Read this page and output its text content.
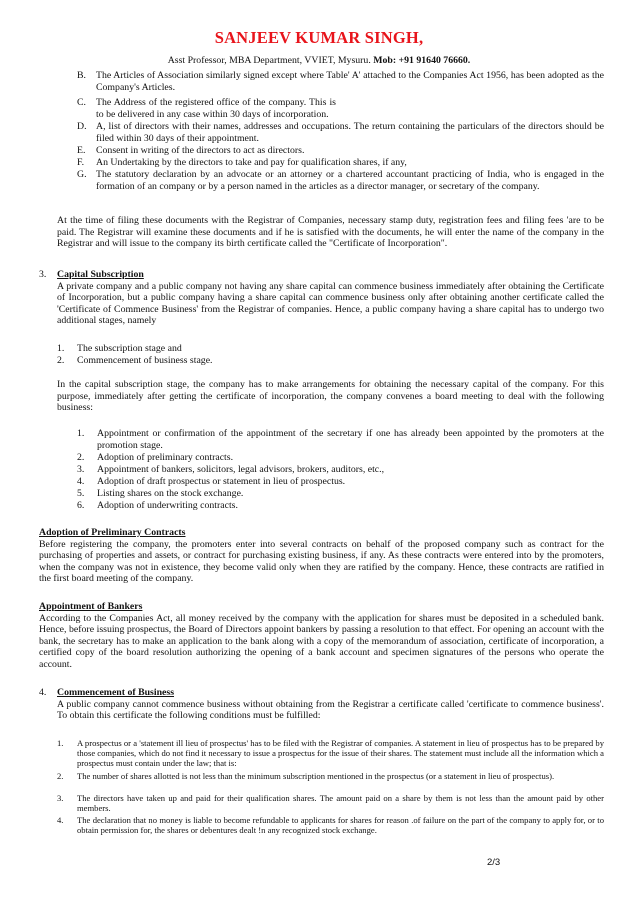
SANJEEV KUMAR SINGH,
Asst Professor, MBA Department, VVIET, Mysuru. Mob: +91 91640 76660.
B. The Articles of Association similarly signed except where Table' A' attached to the Companies Act 1956, has been adopted as the Company's Articles.

C. The Address of the registered office of the company. This is to be delivered in any case within 30 days of incorporation.

D. A, list of directors with their names, addresses and occupations. The return containing the particulars of the directors should be filed within 30 days of their appointment.

E. Consent in writing of the directors to act as directors.

F. An Undertaking by the directors to take and pay for qualification shares, if any,

G. The statutory declaration by an advocate or an attorney or a chartered accountant practicing of India, who is engaged in the formation of an company or by a person named in the articles as a director manager, or secretary of the company.

At the time of filing these documents with the Registrar of Companies, necessary stamp duty, registration fees and filing fees 'are to be paid. The Registrar will examine these documents and if he is satisfied with the documents, he will enter the name of the company in the Registrar and will issue to the company its birth certificate called the "Certificate of Incorporation".

3. Capital Subscription

A private company and a public company not having any share capital can commence business immediately after obtaining the Certificate of Incorporation, but a public company having a share capital can commence business only after obtaining another certificate called the 'Certificate of Commence Business' from the Registrar of companies. Hence, a public company having a share capital has to undergo two additional stages, namely

1. The subscription stage and

2. Commencement of business stage.

In the capital subscription stage, the company has to make arrangements for obtaining the necessary capital of the company. For this purpose, immediately after getting the certificate of incorporation, the company convenes a board meeting to deal with the following business:

1. Appointment or confirmation of the appointment of the secretary if one has already been appointed by the promoters at the promotion stage.

2. Adoption of preliminary contracts.

3. Appointment of bankers, solicitors, legal advisors, brokers, auditors, etc.,

4. Adoption of draft prospectus or statement in lieu of prospectus.

5. Listing shares on the stock exchange.

6. Adoption of underwriting contracts.

Adoption of Preliminary Contracts

Before registering the company, the promoters enter into several contracts on behalf of the proposed company such as contract for the purchasing of properties and assets, or contract for purchasing existing business, if any. As these contracts were entered into by the promoters, when the company was not in existence, they become valid only when they are ratified by the company. Hence, these contracts are ratified in the first board meeting of the company.

Appointment of Bankers

According to the Companies Act, all money received by the company with the application for shares must be deposited in a scheduled bank. Hence, before issuing prospectus, the Board of Directors appoint bankers by passing a resolution to that effect. For opening an account with the bank, the secretary has to make an application to the bank along with a copy of the memorandum of association, certificate of incorporation, a certified copy of the board resolution authorizing the opening of a bank account and specimen signatures of the persons who operate the account.

4. Commencement of Business

A public company cannot commence business without obtaining from the Registrar a certificate called 'certificate to commence business'. To obtain this certificate the following conditions must be fulfilled:

1. A prospectus or a 'statement ill lieu of prospectus' has to be filed with the Registrar of companies. A statement in lieu of prospectus has to be prepared by those companies, which do not find it necessary to issue a prospectus for the issue of their shares. The statement must include all the information which a prospectus must contain under the law; that is:

2. The number of shares allotted is not less than the minimum subscription mentioned in the prospectus (or a statement in lieu of prospectus).

3. The directors have taken up and paid for their qualification shares. The amount paid on a share by them is not less than the amount paid by other members.

4. The declaration that no money is liable to become refundable to applicants for shares for reason .of failure on the part of the company to apply for, or to obtain permission for, the shares or debentures dealt !n any recognized stock exchange.

2/3
